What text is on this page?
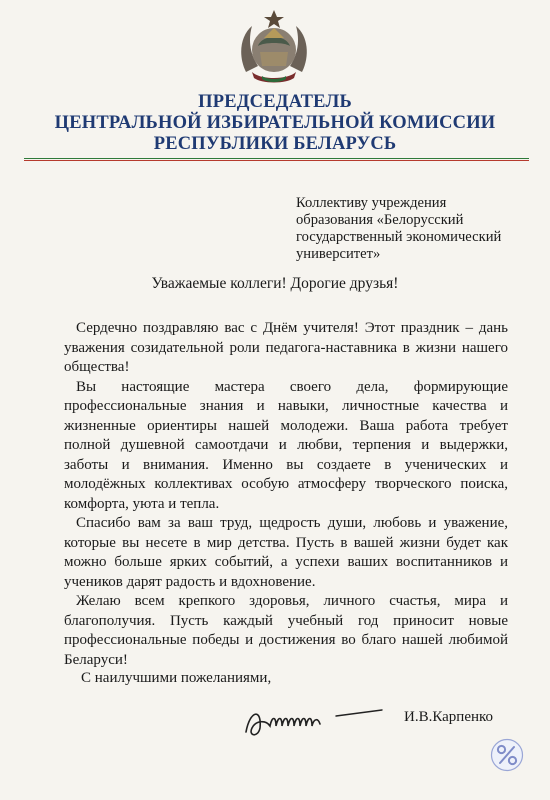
ПРЕДСЕДАТЕЛЬ
ЦЕНТРАЛЬНОЙ ИЗБИРАТЕЛЬНОЙ КОМИССИИ
РЕСПУБЛИКИ БЕЛАРУСЬ
Коллективу учреждения
образования «Белорусский
государственный экономический
университет»
Уважаемые коллеги! Дорогие друзья!

Сердечно поздравляю вас с Днём учителя! Этот праздник – дань уважения созидательной роли педагога-наставника в жизни нашего общества!

Вы настоящие мастера своего дела, формирующие профессиональные знания и навыки, личностные качества и жизненные ориентиры нашей молодежи. Ваша работа требует полной душевной самоотдачи и любви, терпения и выдержки, заботы и внимания. Именно вы создаете в ученических и молодёжных коллективах особую атмосферу творческого поиска, комфорта, уюта и тепла.

Спасибо вам за ваш труд, щедрость души, любовь и уважение, которые вы несете в мир детства. Пусть в вашей жизни будет как можно больше ярких событий, а успехи ваших воспитанников и учеников дарят радость и вдохновение.

Желаю всем крепкого здоровья, личного счастья, мира и благополучия. Пусть каждый учебный год приносит новые профессиональные победы и достижения во благо нашей любимой Беларуси!

С наилучшими пожеланиями,
И.В.Карпенко
